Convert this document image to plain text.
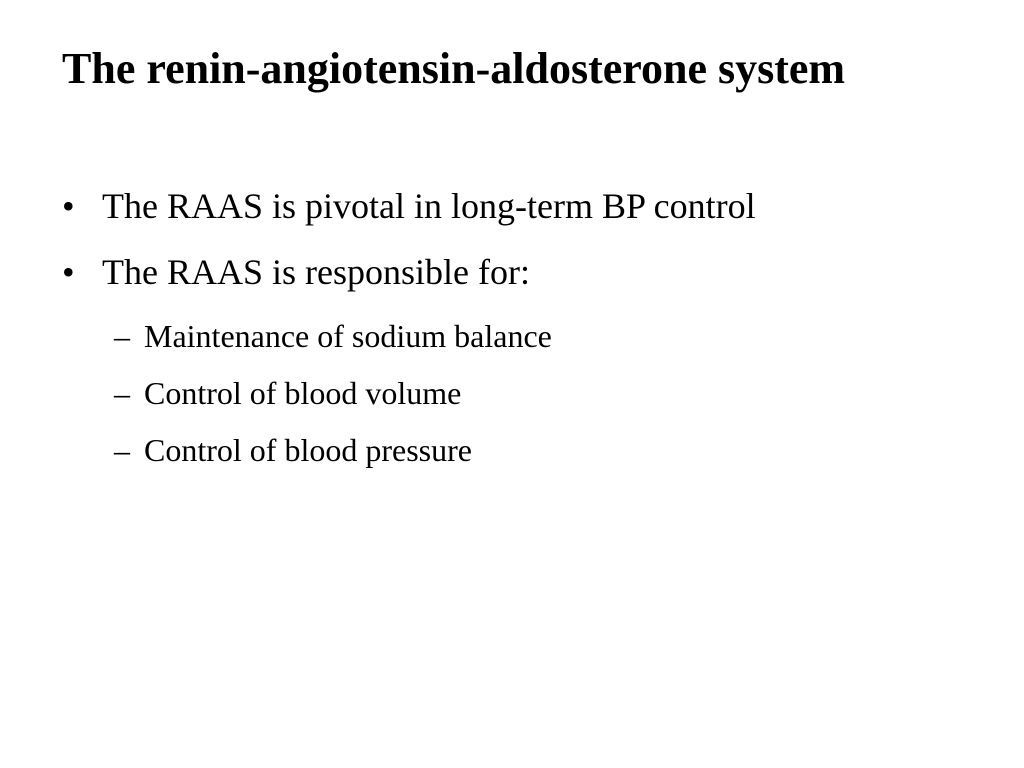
The renin-angiotensin-aldosterone system
• The RAAS is pivotal in long-term BP control
• The RAAS is responsible for:
– Maintenance of sodium balance
– Control of blood volume
– Control of blood pressure
